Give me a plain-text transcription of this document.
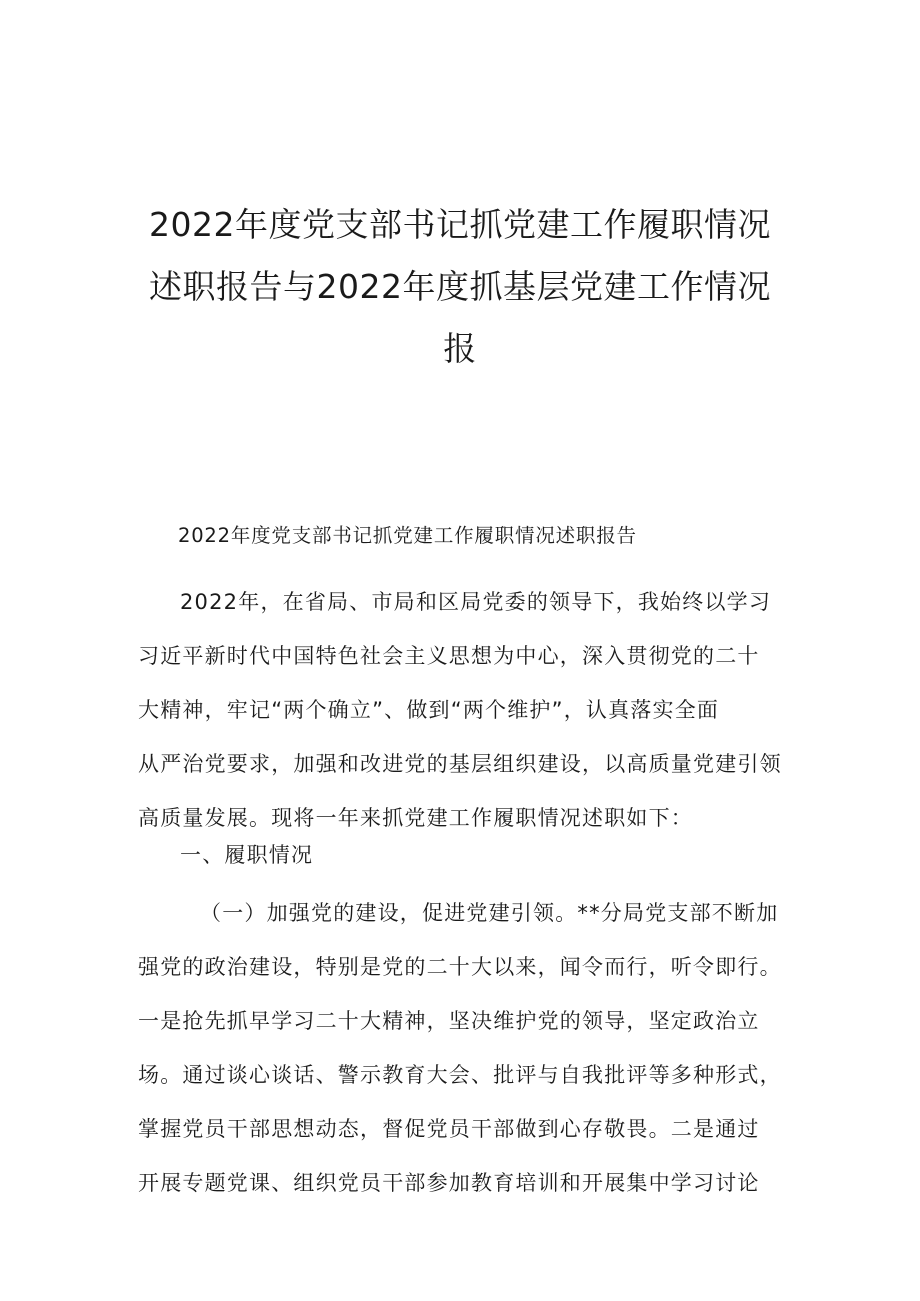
2022年度党支部书记抓党建工作履职情况
述职报告与2022年度抓基层党建工作情况
报
2022年度党支部书记抓党建工作履职情况述职报告
2022年，在省局、市局和区局党委的领导下，我始终以学习
习近平新时代中国特色社会主义思想为中心，深入贯彻党的二十
大精神，牢记“两个确立”、做到“两个维护”，认真落实全面
从严治党要求，加强和改进党的基层组织建设，以高质量党建引领
高质量发展。现将一年来抓党建工作履职情况述职如下：
一、履职情况
（一）加强党的建设，促进党建引领。**分局党支部不断加
强党的政治建设，特别是党的二十大以来，闻令而行，听令即行。
一是抢先抓早学习二十大精神，坚决维护党的领导，坚定政治立
场。通过谈心谈话、警示教育大会、批评与自我批评等多种形式，
掌握党员干部思想动态，督促党员干部做到心存敬畏。二是通过
开展专题党课、组织党员干部参加教育培训和开展集中学习讨论
